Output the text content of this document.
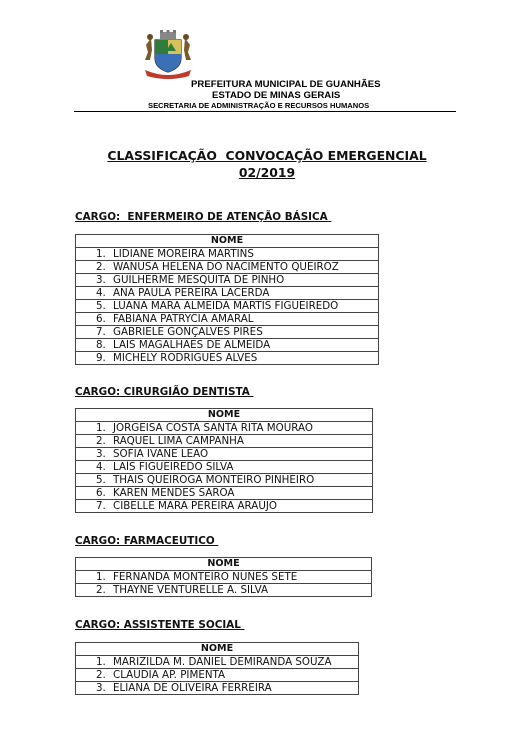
PREFEITURA MUNICIPAL DE GUANHÃES
ESTADO DE MINAS GERAIS
SECRETARIA DE ADMINISTRAÇÃO E RECURSOS HUMANOS
CLASSIFICAÇÃO  CONVOCAÇÃO EMERGENCIAL
02/2019
CARGO:  ENFERMEIRO DE ATENÇÃO BÁSICA
NOME
1. LIDIANE MOREIRA MARTINS
2. WANUSA HELENA DO NACIMENTO QUEIROZ
3. GUILHERME MESQUITA DE PINHO
4. ANA PAULA PEREIRA LACERDA
5. LUANA MARA ALMEIDA MARTIS FIGUEIREDO
6. FABIANA PATRYCIA AMARAL
7. GABRIELE GONÇALVES PIRES
8. LAIS MAGALHÃES DE ALMEIDA
9. MICHELY RODRIGUES ALVES
CARGO: CIRURGIÃO DENTISTA
NOME
1. JORGEISA COSTA SANTA RITA MOURÃO
2. RAQUEL LIMA CAMPANHA
3. SOFIA IVANE LEÃO
4. LAÍS FIGUEIREDO SILVA
5. THAIS QUEIROGA MONTEIRO PINHEIRO
6. KAREN MENDES SAROA
7. CIBELLE MARA PEREIRA ARAÚJO
CARGO: FARMACEUTICO
NOME
1. FERNANDA MONTEIRO NUNES SETE
2. THAYNE VENTURELLE A. SILVA
CARGO: ASSISTENTE SOCIAL
NOME
1. MARIZILDA M. DANIEL DEMIRANDA SOUZA
2. CLAUDIA AP. PIMENTA
3. ELIANA DE OLIVEIRA FERREIRA
